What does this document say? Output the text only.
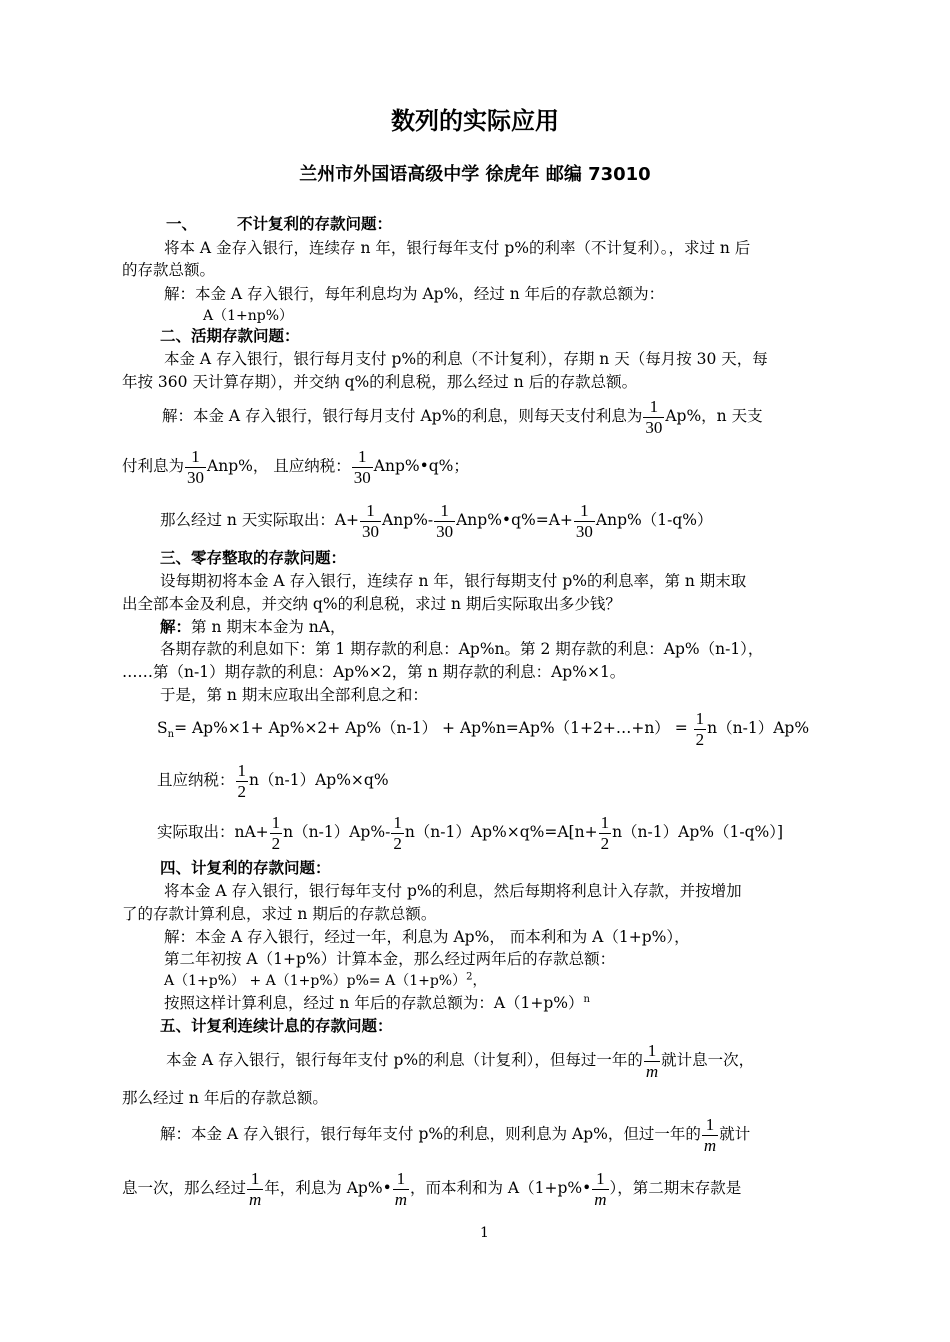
数列的实际应用
兰州市外国语高级中学 徐虎年 邮编 73010
一、	不计复利的存款问题：
将本 A 金存入银行，连续存 n 年，银行每年支付 p%的利率（不计复利）。，求过 n 后
的存款总额。
解：本金 A 存入银行，每年利息均为 Ap%，经过 n 年后的存款总额为：
A（1+np%）
二、活期存款问题：
本金 A 存入银行，银行每月支付 p%的利息（不计复利），存期 n 天（每月按 30 天，每
年按 360 天计算存期），并交纳 q%的利息税，那么经过 n 后的存款总额。
解：本金 A 存入银行，银行每月支付 Ap%的利息，则每天支付利息为 $\frac{1}{30} Ap\%$，n 天支
付利息为 $\frac{1}{30} Anp\%$， 且应纳税： $\frac{1}{30}$ Anp%•q%；
那么经过 n 天实际取出：$A+ \frac{1}{30} Anp\%- \frac{1}{30}$ Anp%•q%=A+ $\frac{1}{30} Anp\%(1-q\%)$
三、零存整取的存款问题：
设每期初将本金 A 存入银行，连续存 n 年，银行每期支付 p%的利息率，第 n 期末取
出全部本金及利息，并交纳 q%的利息税，求过 n 期后实际取出多少钱？
解：第 n 期末本金为 nA，
各期存款的利息如下：第 1 期存款的利息：Ap%n。第 2 期存款的利息：Ap%（n-1），
……第（n-1）期存款的利息：Ap%×2，第 n 期存款的利息：Ap%×1。
于是，第 n 期末应取出全部利息之和：
$S_n= Ap\%\times 1+ Ap\%\times 2+ Ap\%(n-1)$ + Ap%n=Ap%（1+2+…+n） = $\frac{1}{2} n(n-1)Ap\%$
且应纳税： $\frac{1}{2} n(n-1)Ap\%\times q\%$
实际取出：$nA+ \frac{1}{2} n(n-1)Ap\%- \frac{1}{2} n(n-1)Ap\%\times q\%=A[n+ \frac{1}{2} n(n-1)Ap\%(1-q\%)]$
四、计复利的存款问题：
将本金 A 存入银行，银行每年支付 p%的利息，然后每期将利息计入存款，并按增加
了的存款计算利息，求过 n 期后的存款总额。
解：本金 A 存入银行，经过一年，利息为 Ap%， 而本利和为 A（1+p%），
第二年初按 A（1+p%）计算本金，那么经过两年后的存款总额：
$A(1+p\%) + A(1+p\%)p\%= A(1+p\%)^2$，
按照这样计算利息，经过 n 年后的存款总额为：$A(1+p\%)^n$
五、计复利连续计息的存款问题：
本金 A 存入银行，银行每年支付 p%的利息（计复利），但每过一年的 $\frac{1}{m}$ 就计息一次，
那么经过 n 年后的存款总额。
解：本金 A 存入银行，银行每年支付 p%的利息，则利息为 Ap%，但过一年的 $\frac{1}{m}$ 就计
息一次，那么经过 $\frac{1}{m}$ 年，利息为 Ap%• $\frac{1}{m}$ ，而本利和为 A（1+p%• $\frac{1}{m}$ ），第二期末存款是
1
